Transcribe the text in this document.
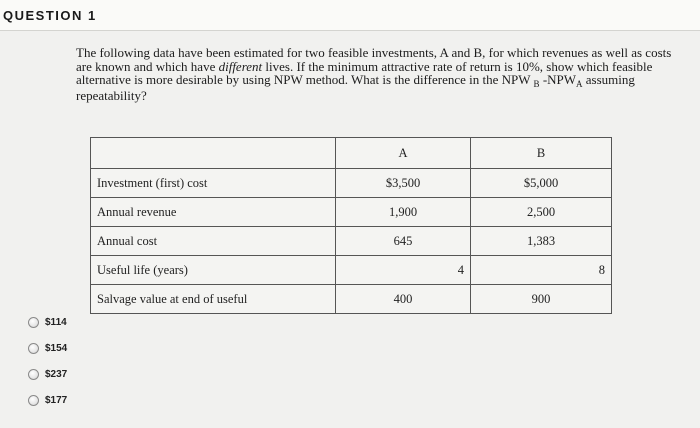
QUESTION 1

The following data have been estimated for two feasible investments, A and B, for which revenues as well as costs are known and which have different lives. If the minimum attractive rate of return is 10%, show which feasible alternative is more desirable by using NPW method. What is the difference in the NPW $_B$ $-NPW_A$ assuming repeatability?

	A	B
Investment (first) cost	$3,500	$5,000
Annual revenue	1,900	2,500
Annual cost	645	1,383
Useful life (years)	4	8
Salvage value at end of useful	400	900
$114
$154
$237
$177
